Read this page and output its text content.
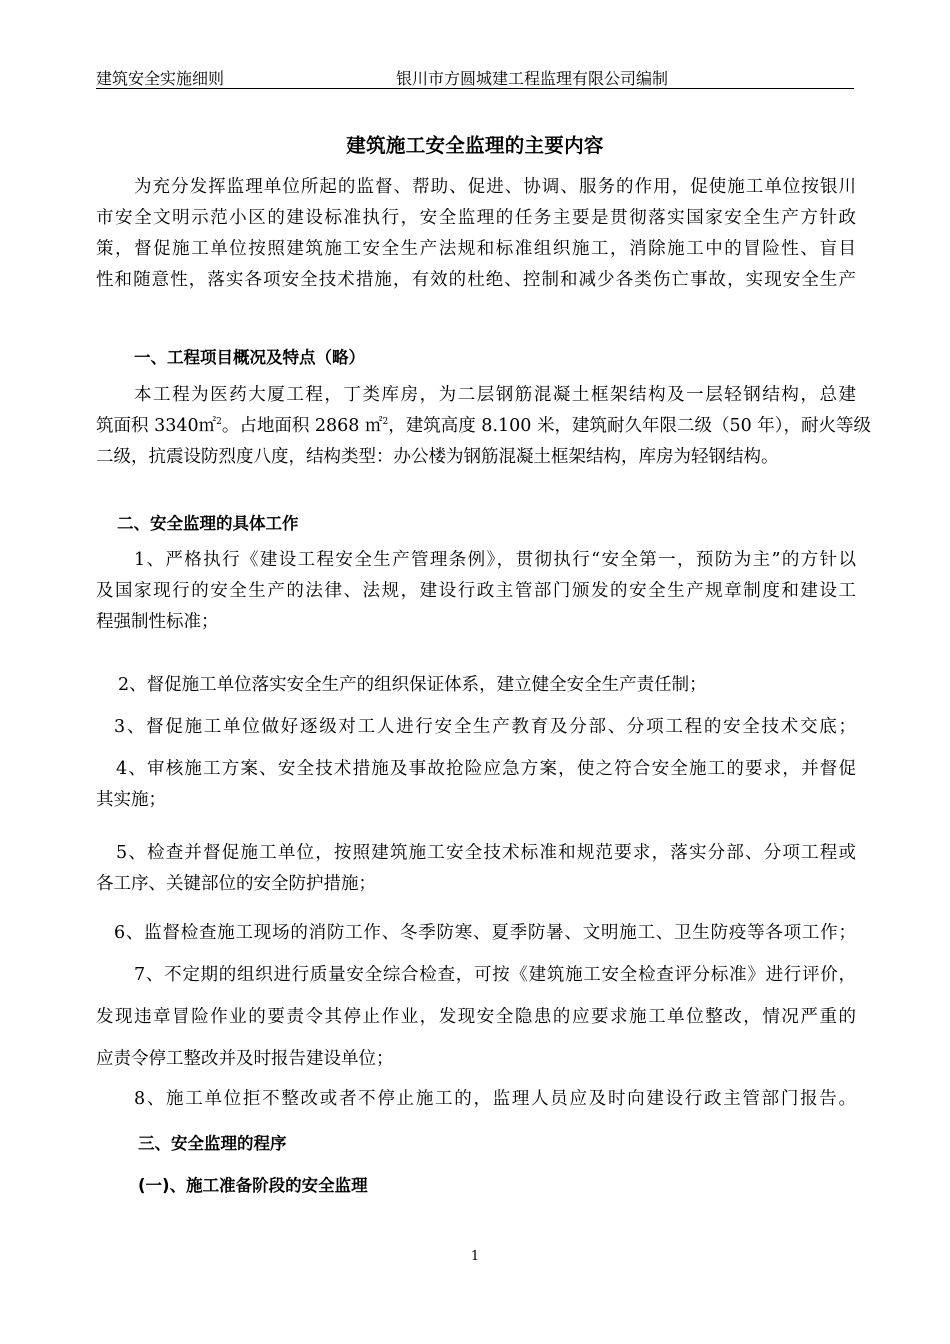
建筑安全实施细则	银川市方圆城建工程监理有限公司编制
建筑施工安全监理的主要内容
为充分发挥监理单位所起的监督、帮助、促进、协调、服务的作用，促使施工单位按银川
市安全文明示范小区的建设标准执行，安全监理的任务主要是贯彻落实国家安全生产方针政
策，督促施工单位按照建筑施工安全生产法规和标准组织施工，消除施工中的冒险性、盲目
性和随意性，落实各项安全技术措施，有效的杜绝、控制和减少各类伤亡事故，实现安全生产
一、工程项目概况及特点（略）
本工程为医药大厦工程，丁类库房，为二层钢筋混凝土框架结构及一层轻钢结构，总建
筑面积 3340㎡$^2$。占地面积 2868 ㎡$^2$，建筑高度 8.100 米，建筑耐久年限二级（50 年），耐火等级
二级，抗震设防烈度八度，结构类型：办公楼为钢筋混凝土框架结构，库房为轻钢结构。
二、安全监理的具体工作
1、严格执行《建设工程安全生产管理条例》，贯彻执行“安全第一，预防为主”的方针以
及国家现行的安全生产的法律、法规，建设行政主管部门颁发的安全生产规章制度和建设工
程强制性标准；
2、督促施工单位落实安全生产的组织保证体系，建立健全安全生产责任制；
3、督促施工单位做好逐级对工人进行安全生产教育及分部、分项工程的安全技术交底；
4、审核施工方案、安全技术措施及事故抢险应急方案，使之符合安全施工的要求，并督促
其实施；
5、检查并督促施工单位，按照建筑施工安全技术标准和规范要求，落实分部、分项工程或
各工序、关键部位的安全防护措施；
6、监督检查施工现场的消防工作、冬季防寒、夏季防暑、文明施工、卫生防疫等各项工作；
7、不定期的组织进行质量安全综合检查，可按《建筑施工安全检查评分标准》进行评价，
发现违章冒险作业的要责令其停止作业，发现安全隐患的应要求施工单位整改，情况严重的
应责令停工整改并及时报告建设单位；
8、施工单位拒不整改或者不停止施工的，监理人员应及时向建设行政主管部门报告。
三、安全监理的程序
(一)、施工准备阶段的安全监理
1
